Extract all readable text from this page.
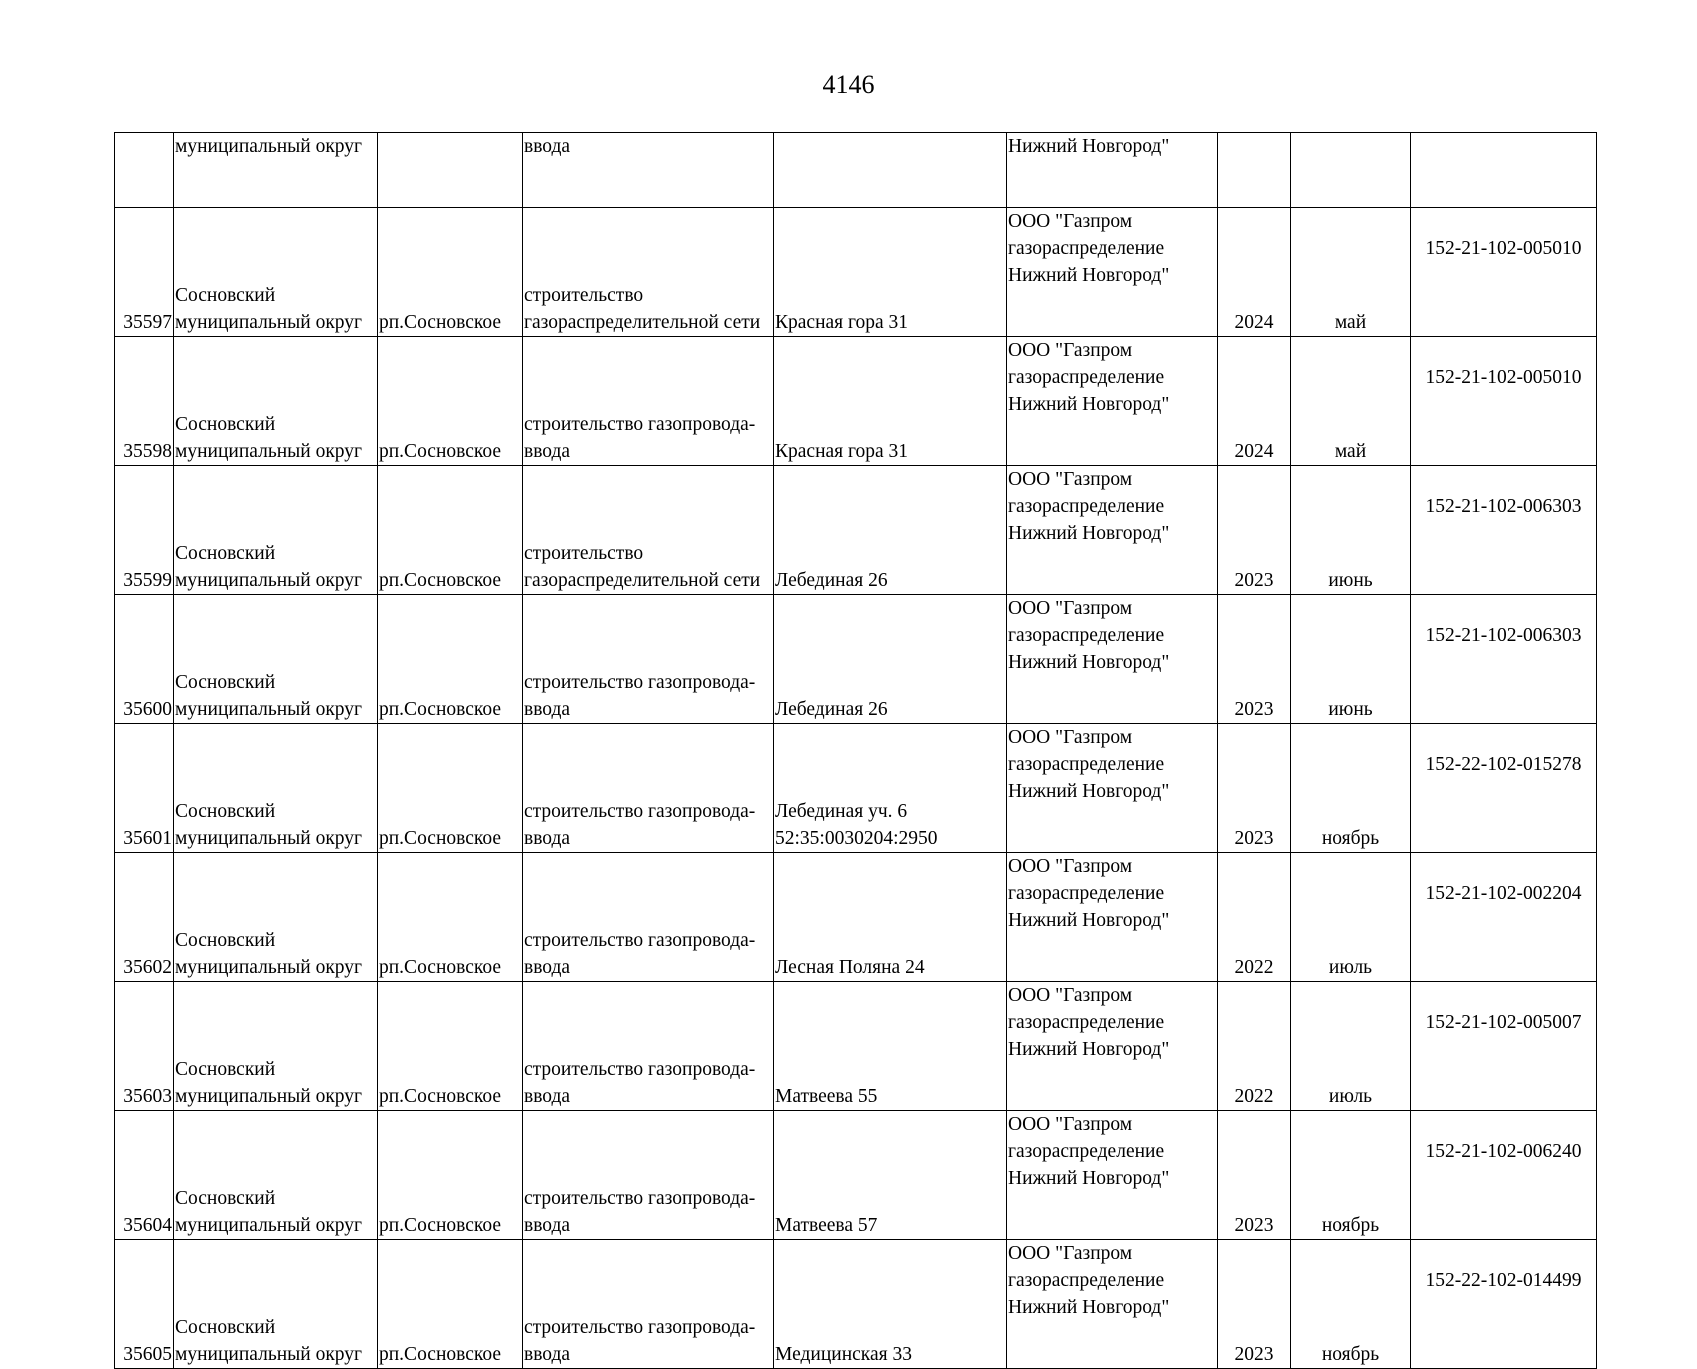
4146
	муниципальный округ		ввода		Нижний Новгород"			
35597	Сосновский
муниципальный округ	рп.Сосновское	строительство
газораспределительной сети	Красная гора 31	ООО "Газпром
газораспределение
Нижний Новгород"	2024	май	152-21-102-005010
35598	Сосновский
муниципальный округ	рп.Сосновское	строительство газопровода-
ввода	Красная гора 31	ООО "Газпром
газораспределение
Нижний Новгород"	2024	май	152-21-102-005010
35599	Сосновский
муниципальный округ	рп.Сосновское	строительство
газораспределительной сети	Лебединая 26	ООО "Газпром
газораспределение
Нижний Новгород"	2023	июнь	152-21-102-006303
35600	Сосновский
муниципальный округ	рп.Сосновское	строительство газопровода-
ввода	Лебединая 26	ООО "Газпром
газораспределение
Нижний Новгород"	2023	июнь	152-21-102-006303
35601	Сосновский
муниципальный округ	рп.Сосновское	строительство газопровода-
ввода	Лебединая уч. 6
52:35:0030204:2950	ООО "Газпром
газораспределение
Нижний Новгород"	2023	ноябрь	152-22-102-015278
35602	Сосновский
муниципальный округ	рп.Сосновское	строительство газопровода-
ввода	Лесная Поляна 24	ООО "Газпром
газораспределение
Нижний Новгород"	2022	июль	152-21-102-002204
35603	Сосновский
муниципальный округ	рп.Сосновское	строительство газопровода-
ввода	Матвеева 55	ООО "Газпром
газораспределение
Нижний Новгород"	2022	июль	152-21-102-005007
35604	Сосновский
муниципальный округ	рп.Сосновское	строительство газопровода-
ввода	Матвеева 57	ООО "Газпром
газораспределение
Нижний Новгород"	2023	ноябрь	152-21-102-006240
35605	Сосновский
муниципальный округ	рп.Сосновское	строительство газопровода-
ввода	Медицинская 33	ООО "Газпром
газораспределение
Нижний Новгород"	2023	ноябрь	152-22-102-014499
